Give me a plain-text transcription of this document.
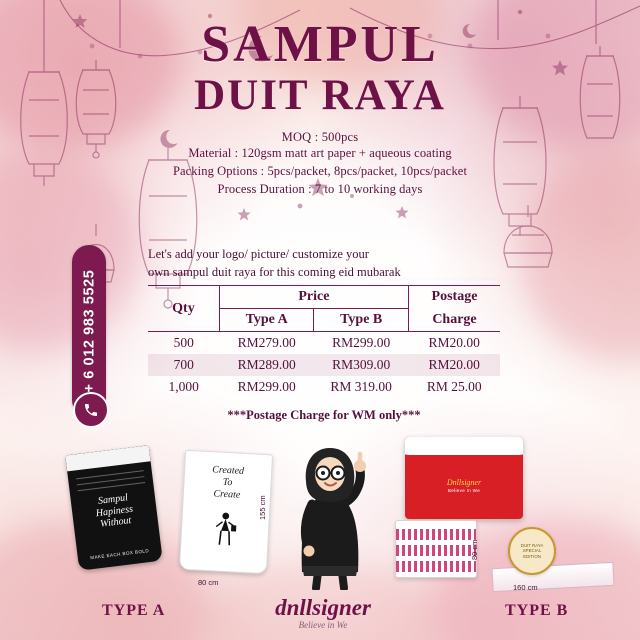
SAMPUL
DUIT RAYA
MOQ : 500pcs
Material : 120gsm matt art paper + aqueous coating
Packing Options : 5pcs/packet, 8pcs/packet, 10pcs/packet
Process Duration : 7 to 10 working days
+ 6 012 983 5525
Let's add your logo/ picture/ customize your
own sampul duit raya for this coming eid mubarak
Qty	Price		Postage
	Type A	Type B	Charge
500	RM279.00	RM299.00	RM20.00
700	RM289.00	RM309.00	RM20.00
1,000	RM299.00	RM 319.00	RM 25.00
***Postage Charge for WM only***
Sampul
Hapiness
Without
MAKE EACH BOX BOLD
Created
To
Create
155 cm
80 cm
Dnllsigner
Believe In We
DUIT RAYA
SPECIAL
EDITION
80 cm
160 cm
TYPE A	TYPE B
dnllsigner
Believe in We
